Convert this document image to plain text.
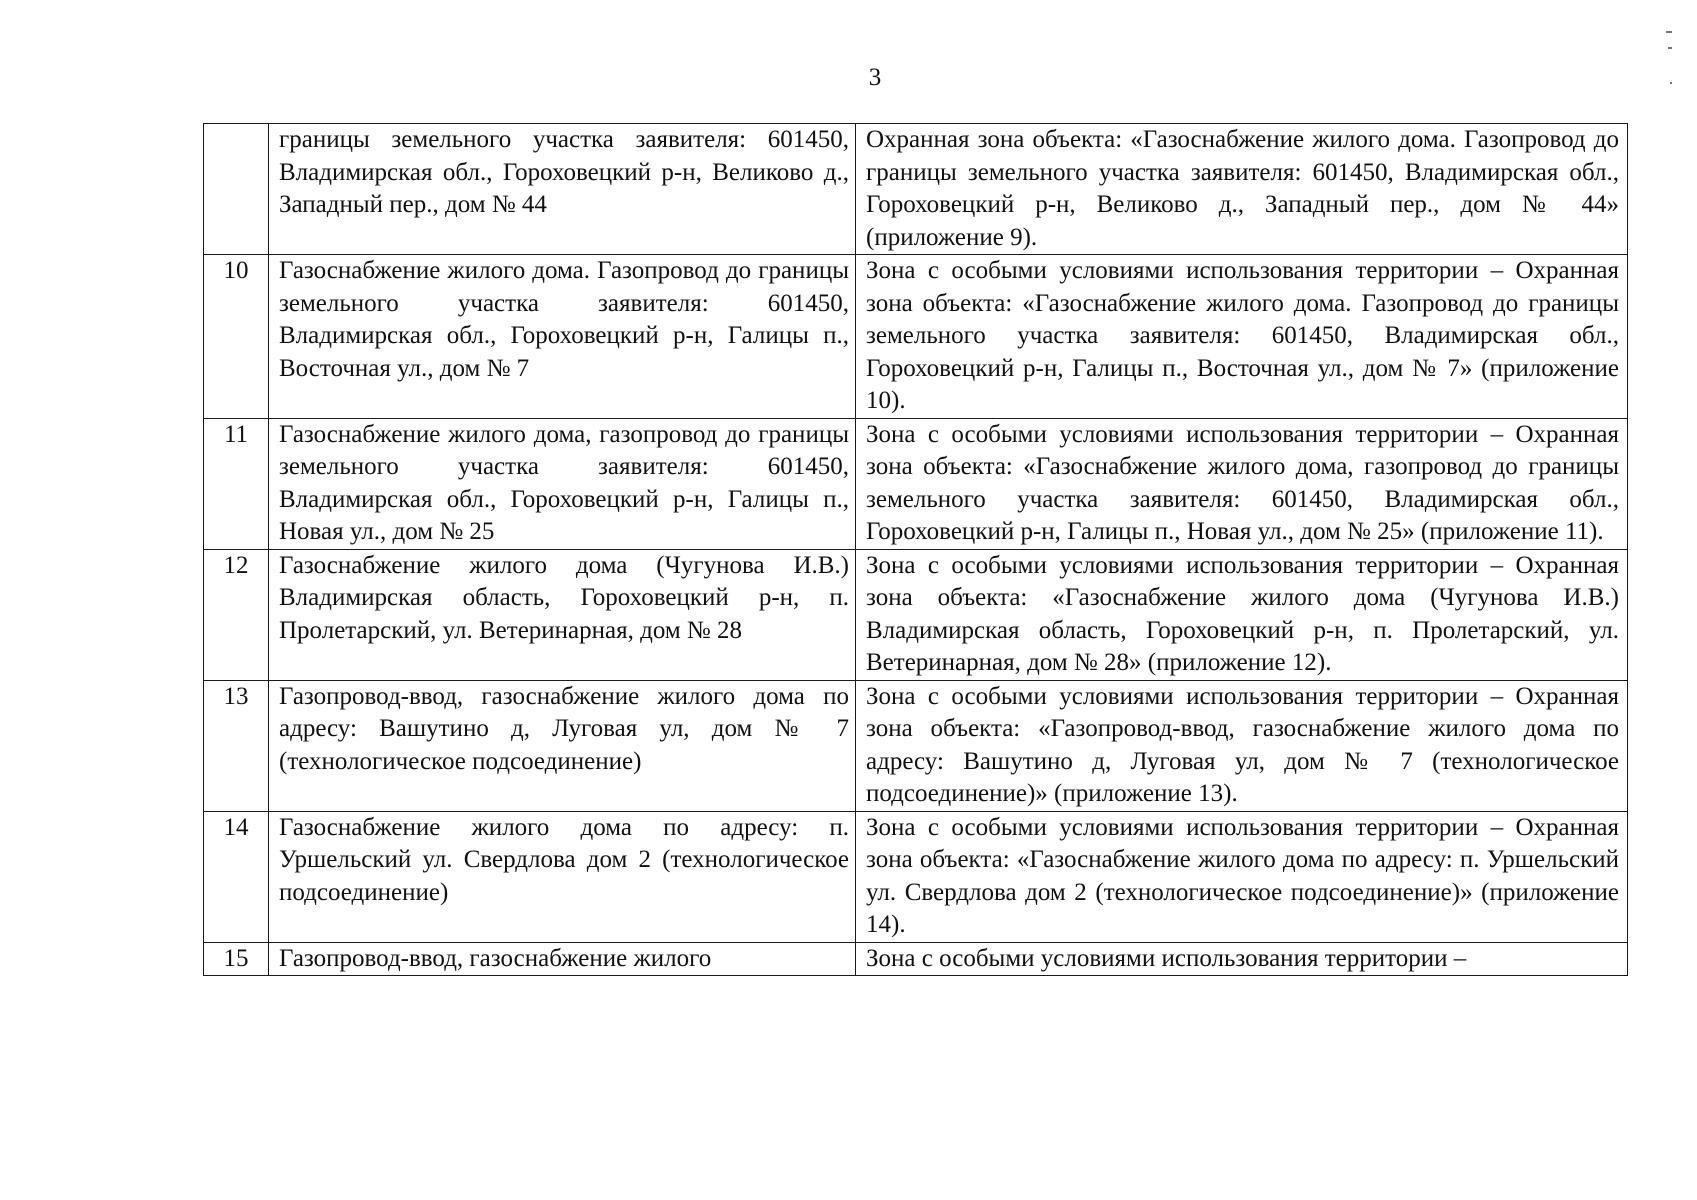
3
	границы земельного участка заявителя: 601450, Владимирская обл., Гороховецкий р-н, Великово д., Западный пер., дом № 44	Охранная зона объекта: «Газоснабжение жилого дома. Газопровод до границы земельного участка заявителя: 601450, Владимирская обл., Гороховецкий р-н, Великово д., Западный пер., дом № 44» (приложение 9).
10	Газоснабжение жилого дома. Газопровод до границы земельного участка заявителя: 601450, Владимирская обл., Гороховецкий р-н, Галицы п., Восточная ул., дом № 7	Зона с особыми условиями использования территории – Охранная зона объекта: «Газоснабжение жилого дома. Газопровод до границы земельного участка заявителя: 601450, Владимирская обл., Гороховецкий р-н, Галицы п., Восточная ул., дом № 7» (приложение 10).
11	Газоснабжение жилого дома, газопровод до границы земельного участка заявителя: 601450, Владимирская обл., Гороховецкий р-н, Галицы п., Новая ул., дом № 25	Зона с особыми условиями использования территории – Охранная зона объекта: «Газоснабжение жилого дома, газопровод до границы земельного участка заявителя: 601450, Владимирская обл., Гороховецкий р-н, Галицы п., Новая ул., дом № 25» (приложение 11).
12	Газоснабжение жилого дома (Чугунова И.В.) Владимирская область, Гороховецкий р-н, п. Пролетарский, ул. Ветеринарная, дом № 28	Зона с особыми условиями использования территории – Охранная зона объекта: «Газоснабжение жилого дома (Чугунова И.В.) Владимирская область, Гороховецкий р-н, п. Пролетарский, ул. Ветеринарная, дом № 28» (приложение 12).
13	Газопровод-ввод, газоснабжение жилого дома по адресу: Вашутино д, Луговая ул, дом № 7 (технологическое подсоединение)	Зона с особыми условиями использования территории – Охранная зона объекта: «Газопровод-ввод, газоснабжение жилого дома по адресу: Вашутино д, Луговая ул, дом № 7 (технологическое подсоединение)» (приложение 13).
14	Газоснабжение жилого дома по адресу: п. Уршельский ул. Свердлова дом 2 (технологическое подсоединение)	Зона с особыми условиями использования территории – Охранная зона объекта: «Газоснабжение жилого дома по адресу: п. Уршельский ул. Свердлова дом 2 (технологическое подсоединение)» (приложение 14).
15	Газопровод-ввод, газоснабжение жилого	Зона с особыми условиями использования территории –
